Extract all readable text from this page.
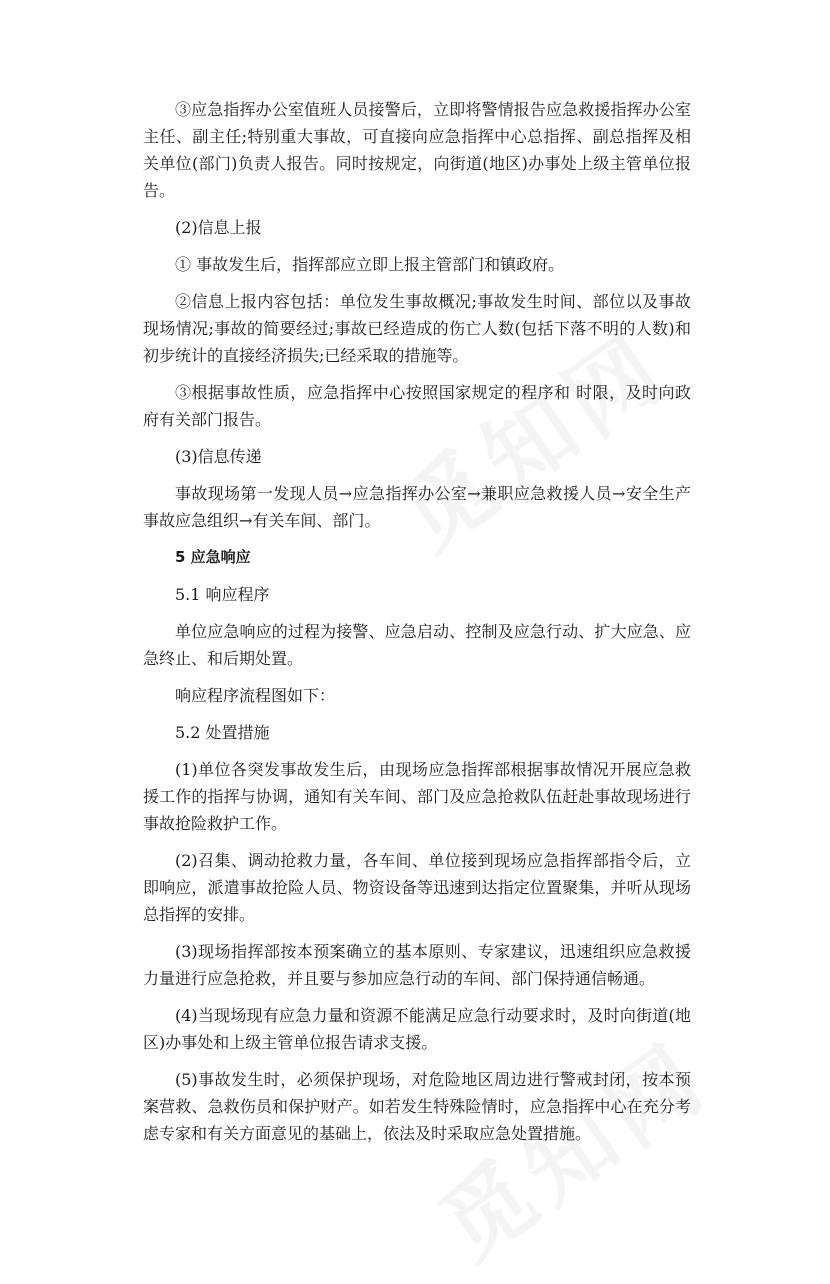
③应急指挥办公室值班人员接警后，立即将警情报告应急救援指挥办公室主任、副主任;特别重大事故，可直接向应急指挥中心总指挥、副总指挥及相关单位(部门)负责人报告。同时按规定，向街道(地区)办事处上级主管单位报告。

(2)信息上报

① 事故发生后，指挥部应立即上报主管部门和镇政府。

②信息上报内容包括：单位发生事故概况;事故发生时间、部位以及事故现场情况;事故的简要经过;事故已经造成的伤亡人数(包括下落不明的人数)和初步统计的直接经济损失;已经采取的措施等。

③根据事故性质，应急指挥中心按照国家规定的程序和 时限，及时向政府有关部门报告。

(3)信息传递

事故现场第一发现人员→应急指挥办公室→兼职应急救援人员→安全生产事故应急组织→有关车间、部门。

5 应急响应

5.1 响应程序

单位应急响应的过程为接警、应急启动、控制及应急行动、扩大应急、应急终止、和后期处置。

响应程序流程图如下：

5.2 处置措施

(1)单位各突发事故发生后，由现场应急指挥部根据事故情况开展应急救援工作的指挥与协调，通知有关车间、部门及应急抢救队伍赶赴事故现场进行事故抢险救护工作。

(2)召集、调动抢救力量，各车间、单位接到现场应急指挥部指令后，立即响应，派遣事故抢险人员、物资设备等迅速到达指定位置聚集，并听从现场总指挥的安排。

(3)现场指挥部按本预案确立的基本原则、专家建议，迅速组织应急救援力量进行应急抢救，并且要与参加应急行动的车间、部门保持通信畅通。

(4)当现场现有应急力量和资源不能满足应急行动要求时，及时向街道(地区)办事处和上级主管单位报告请求支援。

(5)事故发生时，必须保护现场，对危险地区周边进行警戒封闭，按本预案营救、急救伤员和保护财产。如若发生特殊险情时，应急指挥中心在充分考虑专家和有关方面意见的基础上，依法及时采取应急处置措施。
